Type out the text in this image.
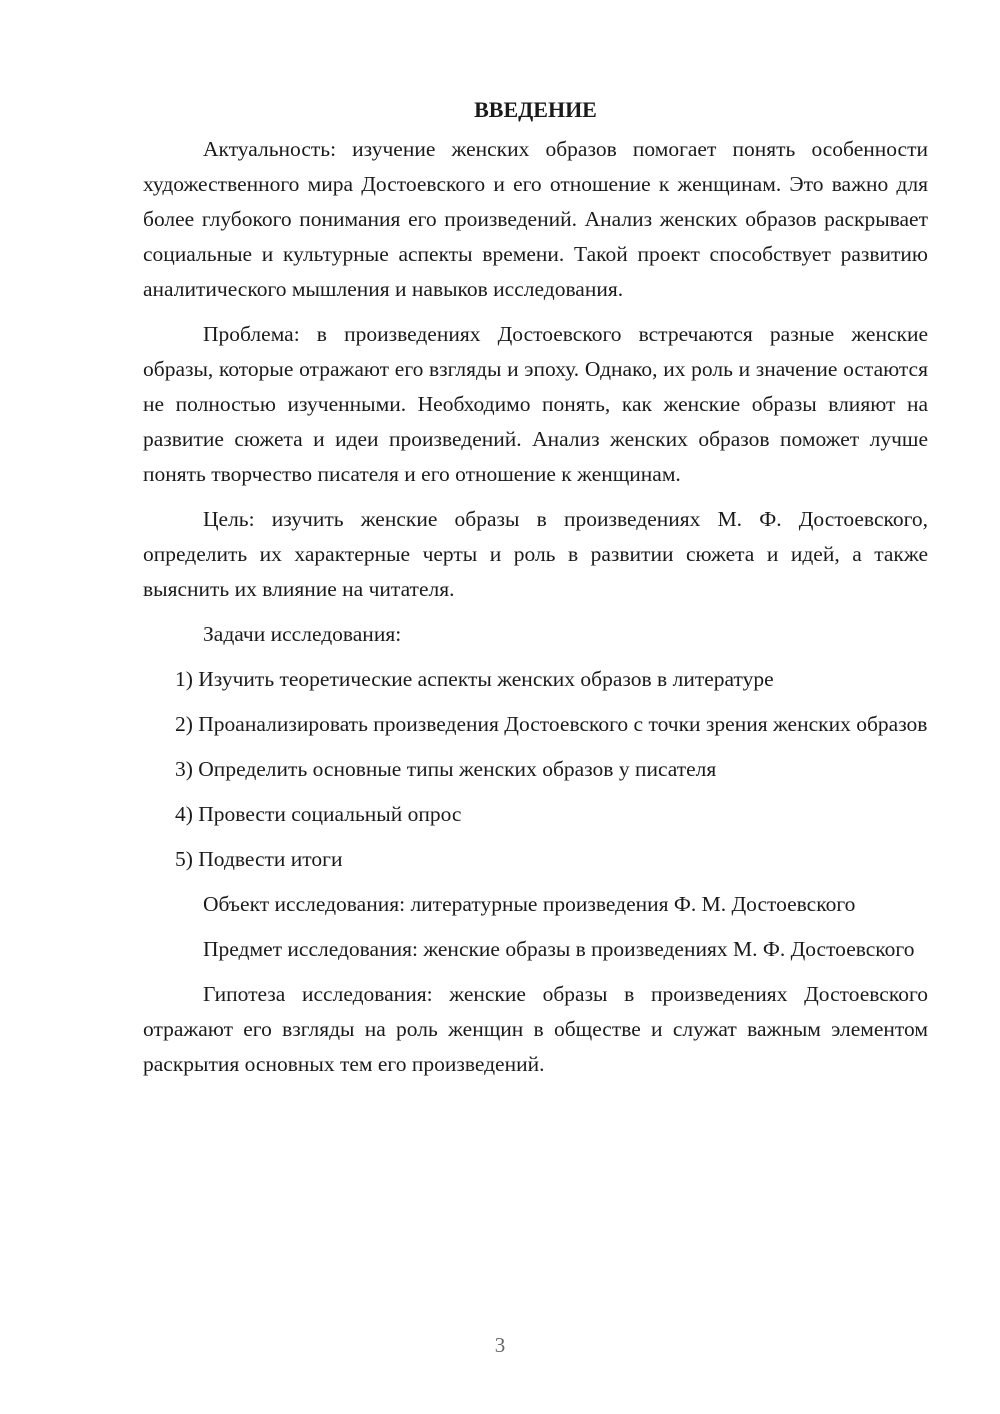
ВВЕДЕНИЕ

Актуальность: изучение женских образов помогает понять особенности художественного мира Достоевского и его отношение к женщинам. Это важно для более глубокого понимания его произведений. Анализ женских образов раскрывает социальные и культурные аспекты времени. Такой проект способствует развитию аналитического мышления и навыков исследования.

Проблема: в произведениях Достоевского встречаются разные женские образы, которые отражают его взгляды и эпоху. Однако, их роль и значение остаются не полностью изученными. Необходимо понять, как женские образы влияют на развитие сюжета и идеи произведений. Анализ женских образов поможет лучше понять творчество писателя и его отношение к женщинам.

Цель: изучить женские образы в произведениях М. Ф. Достоевского, определить их характерные черты и роль в развитии сюжета и идей, а также выяснить их влияние на читателя.

Задачи исследования:

1) Изучить теоретические аспекты женских образов в литературе

2) Проанализировать произведения Достоевского с точки зрения женских образов

3) Определить основные типы женских образов у писателя

4) Провести социальный опрос

5) Подвести итоги

Объект исследования: литературные произведения Ф. М. Достоевского

Предмет исследования: женские образы в произведениях М. Ф. Достоевского

Гипотеза исследования: женские образы в произведениях Достоевского отражают его взгляды на роль женщин в обществе и служат важным элементом раскрытия основных тем его произведений.

3
